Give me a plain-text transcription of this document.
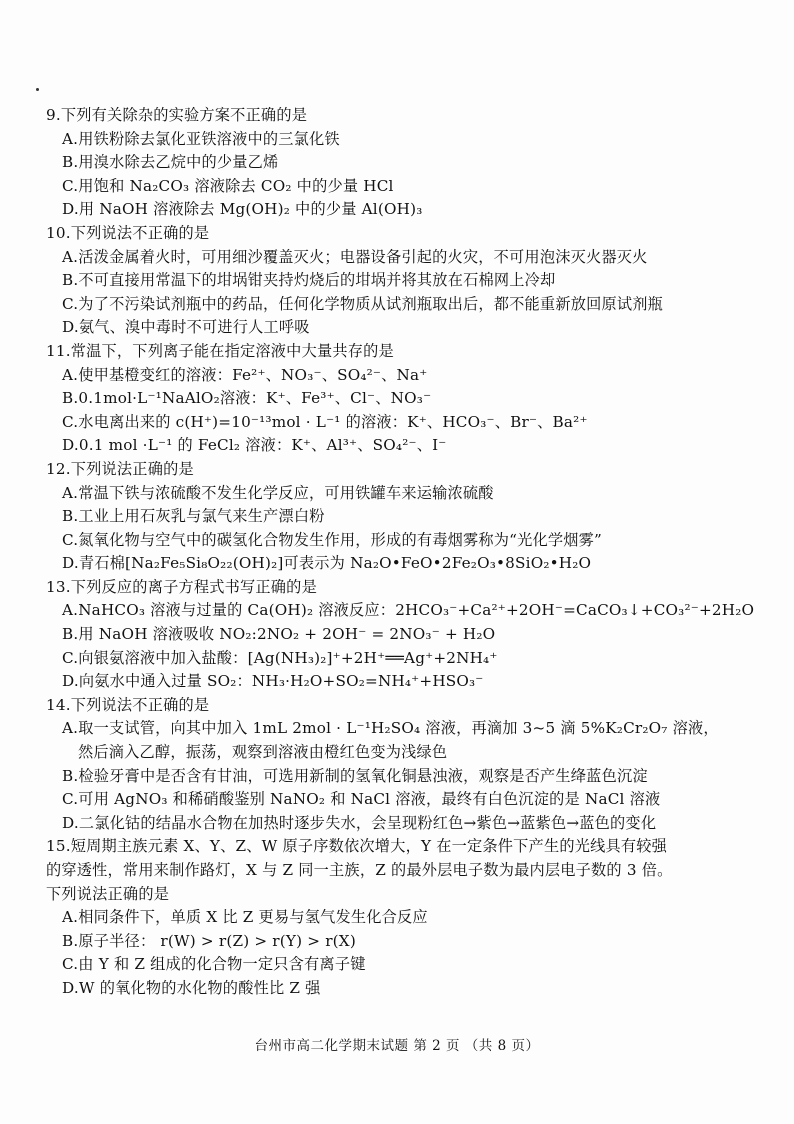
9.下列有关除杂的实验方案不正确的是
A.用铁粉除去氯化亚铁溶液中的三氯化铁
B.用溴水除去乙烷中的少量乙烯
C.用饱和 Na₂CO₃ 溶液除去 CO₂ 中的少量 HCl
D.用 NaOH 溶液除去 Mg(OH)₂ 中的少量 Al(OH)₃
10.下列说法不正确的是
A.活泼金属着火时，可用细沙覆盖灭火；电器设备引起的火灾，不可用泡沫灭火器灭火
B.不可直接用常温下的坩埚钳夹持灼烧后的坩埚并将其放在石棉网上冷却
C.为了不污染试剂瓶中的药品，任何化学物质从试剂瓶取出后，都不能重新放回原试剂瓶
D.氨气、溴中毒时不可进行人工呼吸
11.常温下，下列离子能在指定溶液中大量共存的是
A.使甲基橙变红的溶液：Fe²⁺、NO₃⁻、SO₄²⁻、Na⁺
B.0.1mol·L⁻¹NaAlO₂溶液：K⁺、Fe³⁺、Cl⁻、NO₃⁻
C.水电离出来的 c(H⁺)=10⁻¹³mol · L⁻¹ 的溶液：K⁺、HCO₃⁻、Br⁻、Ba²⁺
D.0.1 mol ·L⁻¹ 的 FeCl₂ 溶液：K⁺、Al³⁺、SO₄²⁻、I⁻
12.下列说法正确的是
A.常温下铁与浓硫酸不发生化学反应，可用铁罐车来运输浓硫酸
B.工业上用石灰乳与氯气来生产漂白粉
C.氮氧化物与空气中的碳氢化合物发生作用，形成的有毒烟雾称为“光化学烟雾”
D.青石棉[Na₂Fe₅Si₈O₂₂(OH)₂]可表示为 Na₂O•FeO•2Fe₂O₃•8SiO₂•H₂O
13.下列反应的离子方程式书写正确的是
A.NaHCO₃ 溶液与过量的 Ca(OH)₂ 溶液反应：2HCO₃⁻+Ca²⁺+2OH⁻=CaCO₃↓+CO₃²⁻+2H₂O
B.用 NaOH 溶液吸收 NO₂:2NO₂ + 2OH⁻ = 2NO₃⁻ + H₂O
C.向银氨溶液中加入盐酸：[Ag(NH₃)₂]⁺+2H⁺══Ag⁺+2NH₄⁺
D.向氨水中通入过量 SO₂：NH₃·H₂O+SO₂=NH₄⁺+HSO₃⁻
14.下列说法不正确的是
A.取一支试管，向其中加入 1mL 2mol · L⁻¹H₂SO₄ 溶液，再滴加 3~5 滴 5%K₂Cr₂O₇ 溶液，
然后滴入乙醇，振荡，观察到溶液由橙红色变为浅绿色
B.检验牙膏中是否含有甘油，可选用新制的氢氧化铜悬浊液，观察是否产生绛蓝色沉淀
C.可用 AgNO₃ 和稀硝酸鉴别 NaNO₂ 和 NaCl 溶液，最终有白色沉淀的是 NaCl 溶液
D.二氯化钴的结晶水合物在加热时逐步失水，会呈现粉红色→紫色→蓝紫色→蓝色的变化
15.短周期主族元素 X、Y、Z、W 原子序数依次增大，Y 在一定条件下产生的光线具有较强
的穿透性，常用来制作路灯，X 与 Z 同一主族，Z 的最外层电子数为最内层电子数的 3 倍。
下列说法正确的是
A.相同条件下，单质 X 比 Z 更易与氢气发生化合反应
B.原子半径： r(W) > r(Z) > r(Y) > r(X)
C.由 Y 和 Z 组成的化合物一定只含有离子键
D.W 的氧化物的水化物的酸性比 Z 强
台州市高二化学期末试题 第 2 页 （共 8 页）
